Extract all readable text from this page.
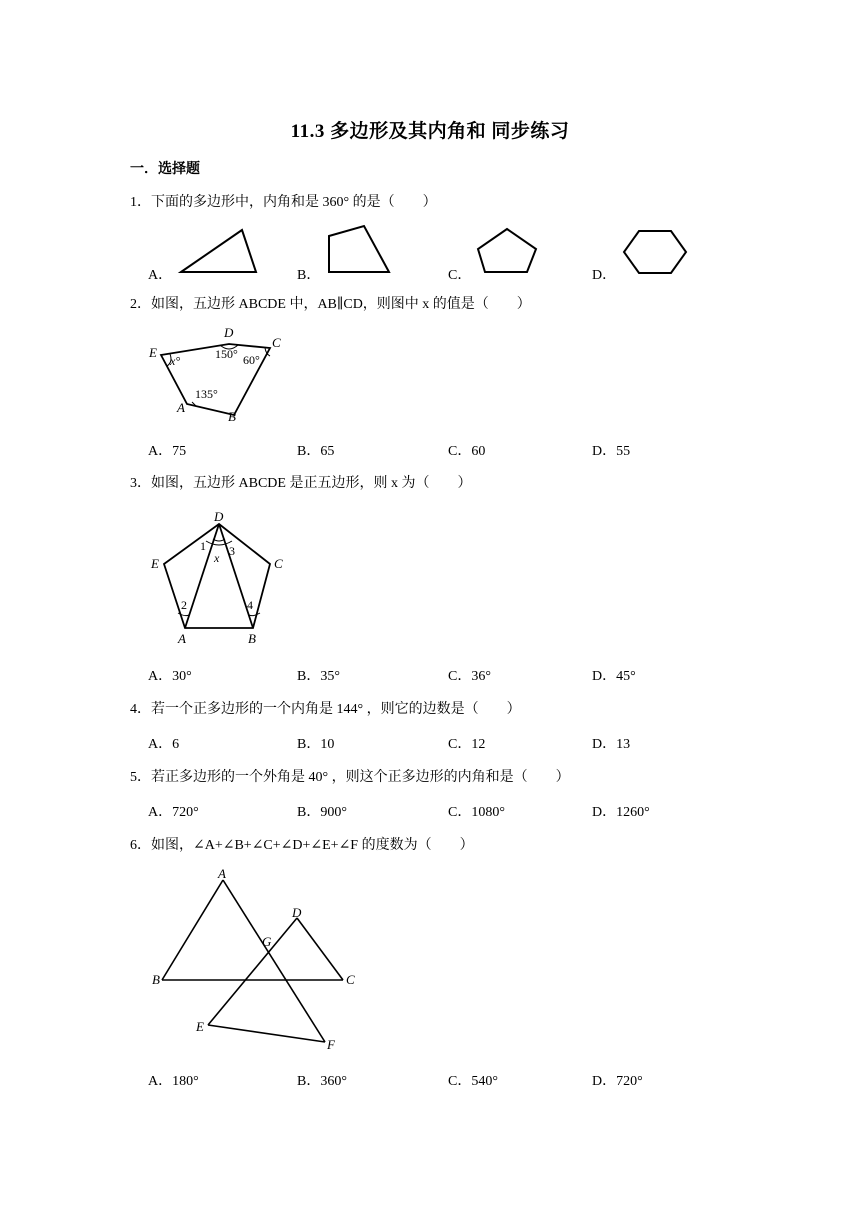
11.3 多边形及其内角和 同步练习
一．选择题
1．下面的多边形中，内角和是 360° 的是（　　）
A．	B．	C．	D．
2．如图，五边形 ABCDE 中，AB∥CD，则图中 x 的值是（　　）
D
E
C
A
B
x°	150° 60°
135°
A．75	B．65	C．60	D．55
3．如图，五边形 ABCDE 是正五边形，则 x 为（　　）
D
E	C
A	B
1
x 3
2	4
A．30°	B．35°	C．36°	D．45°
4．若一个正多边形的一个内角是 144° ，则它的边数是（　　）
A．6	B．10	C．12	D．13
5．若正多边形的一个外角是 40° ，则这个正多边形的内角和是（　　）
A．720°	B．900°	C．1080°	D．1260°
6．如图，∠A+∠B+∠C+∠D+∠E+∠F 的度数为（　　）
A
D
G
B	C
E
F
A．180°	B．360°	C．540°	D．720°
